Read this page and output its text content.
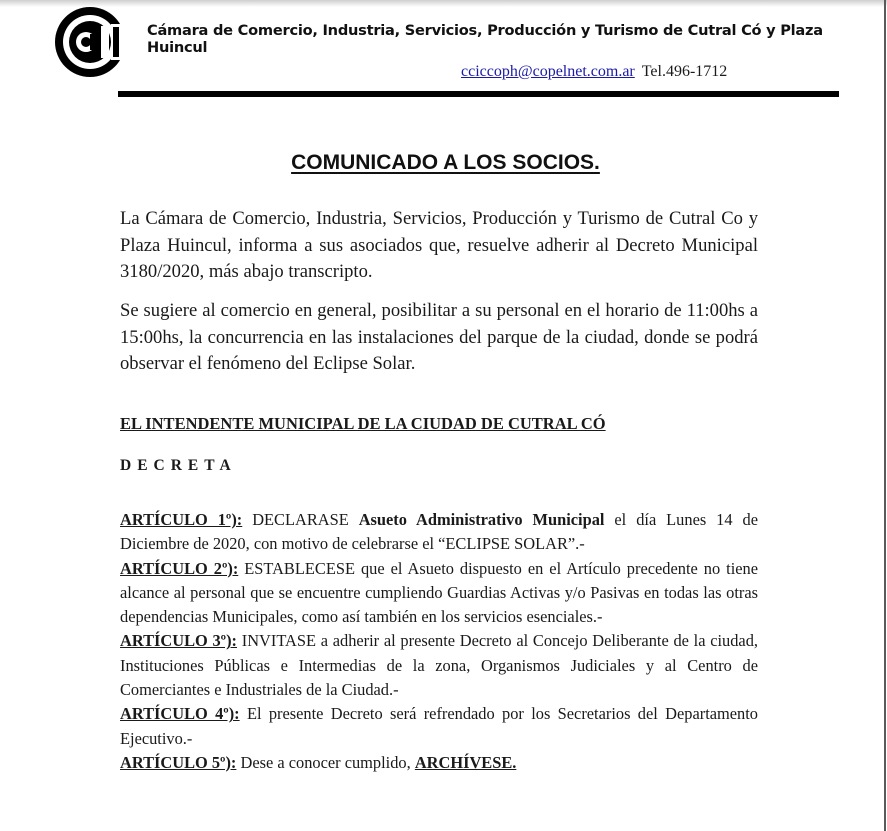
Cámara de Comercio, Industria, Servicios, Producción y Turismo de Cutral Có y Plaza Huincul
cciccoph@copelnet.com.ar Tel.496-1712
COMUNICADO A LOS SOCIOS.

La Cámara de Comercio, Industria, Servicios, Producción y Turismo de Cutral Co y Plaza Huincul, informa a sus asociados que, resuelve adherir al Decreto Municipal 3180/2020, más abajo transcripto.

Se sugiere al comercio en general, posibilitar a su personal en el horario de 11:00hs a 15:00hs, la concurrencia en las instalaciones del parque de la ciudad, donde se podrá observar el fenómeno del Eclipse Solar.

EL INTENDENTE MUNICIPAL DE LA CIUDAD DE CUTRAL CÓ
DECRETA

ARTÍCULO 1º): DECLARASE Asueto Administrativo Municipal el día Lunes 14 de Diciembre de 2020, con motivo de celebrarse el “ECLIPSE SOLAR”.-

ARTÍCULO 2º): ESTABLECESE que el Asueto dispuesto en el Artículo precedente no tiene alcance al personal que se encuentre cumpliendo Guardias Activas y/o Pasivas en todas las otras dependencias Municipales, como así también en los servicios esenciales.-

ARTÍCULO 3º): INVITASE a adherir al presente Decreto al Concejo Deliberante de la ciudad, Instituciones Públicas e Intermedias de la zona, Organismos Judiciales y al Centro de Comerciantes e Industriales de la Ciudad.-

ARTÍCULO 4º): El presente Decreto será refrendado por los Secretarios del Departamento Ejecutivo.-

ARTÍCULO 5º): Dese a conocer cumplido, ARCHÍVESE.
